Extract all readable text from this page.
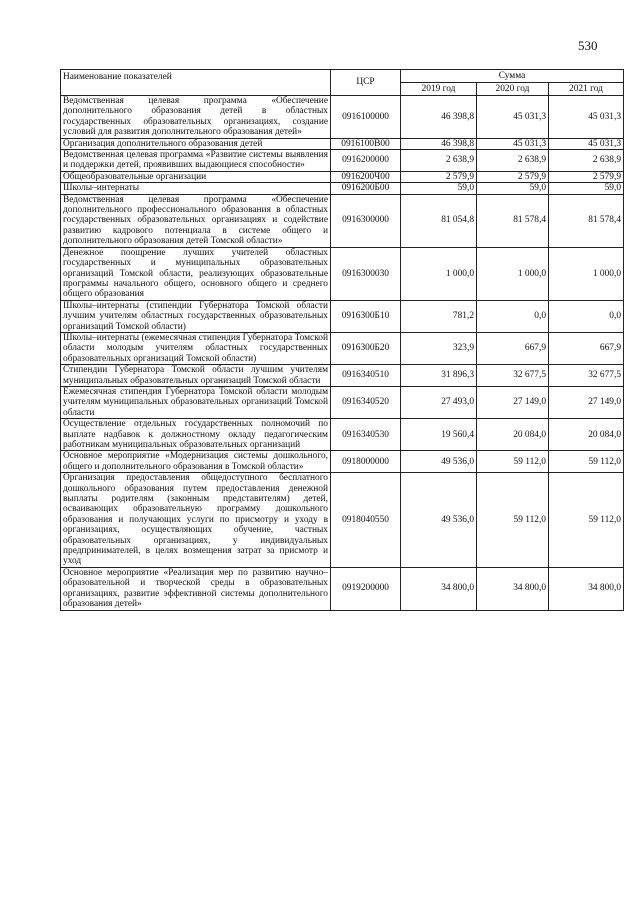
530
Наименование показателей	ЦСР	Сумма		
		2019 год	2020 год	2021 год
Ведомственная целевая программа «Обеспечение дополнительного образования детей в областных государственных образовательных организациях, создание условий для развития дополнительного образования детей»	0916100000	46 398,8	45 031,3	45 031,3
Организация дополнительного образования детей	0916100В00	46 398,8	45 031,3	45 031,3
Ведомственная целевая программа «Развитие системы выявления и поддержки детей, проявивших выдающиеся способности»	0916200000	2 638,9	2 638,9	2 638,9
Общеобразовательные организации	0916200Ч00	2 579,9	2 579,9	2 579,9
Школы–интернаты	0916200Б00	59,0	59,0	59,0
Ведомственная целевая программа «Обеспечение дополнительного профессионального образования в областных государственных образовательных организациях и содействие развитию кадрового потенциала в системе общего и дополнительного образования детей Томской области»	0916300000	81 054,8	81 578,4	81 578,4
Денежное поощрение лучших учителей областных государственных и муниципальных образовательных организаций Томской области, реализующих образовательные программы начального общего, основного общего и среднего общего образования	0916300030	1 000,0	1 000,0	1 000,0
Школы–интернаты (стипендии Губернатора Томской области лучшим учителям областных государственных образовательных организаций Томской области)	0916300Б10	781,2	0,0	0,0
Школы–интернаты (ежемесячная стипендия Губернатора Томской области молодым учителям областных государственных образовательных организаций Томской области)	0916300Б20	323,9	667,9	667,9
Стипендии Губернатора Томской области лучшим учителям муниципальных образовательных организаций Томской области	0916340510	31 896,3	32 677,5	32 677,5
Ежемесячная стипендия Губернатора Томской области молодым учителям муниципальных образовательных организаций Томской области	0916340520	27 493,0	27 149,0	27 149,0
Осуществление отдельных государственных полномочий по выплате надбавок к должностному окладу педагогическим работникам муниципальных образовательных организаций	0916340530	19 560,4	20 084,0	20 084,0
Основное мероприятие «Модернизация системы дошкольного, общего и дополнительного образования в Томской области»	0918000000	49 536,0	59 112,0	59 112,0
Организация предоставления общедоступного бесплатного дошкольного образования путем предоставления денежной выплаты родителям (законным представителям) детей, осваивающих образовательную программу дошкольного образования и получающих услуги по присмотру и уходу в организациях, осуществляющих обучение, частных образовательных организациях, у индивидуальных предпринимателей, в целях возмещения затрат за присмотр и уход	0918040550	49 536,0	59 112,0	59 112,0
Основное мероприятие «Реализация мер по развитию научно–образовательной и творческой среды в образовательных организациях, развитие эффективной системы дополнительного образования детей»	0919200000	34 800,0	34 800,0	34 800,0
